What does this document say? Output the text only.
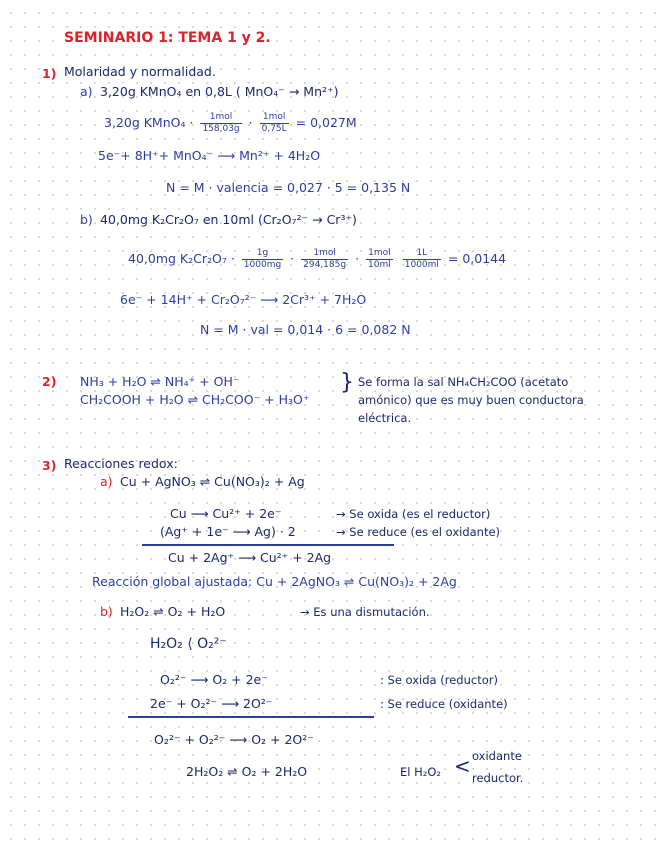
SEMINARIO 1: TEMA 1 y 2.
1) Molaridad y normalidad.
a) 3,20g KMnO₄ en 0,8L ( MnO₄⁻ → Mn²⁺)
3,20g KMnO₄ · $\frac{\text{1mol}}{158,03g} \cdot \frac{\text{1mol}}{0,75L} = 0,027M$
5e⁻+ 8H⁺+ MnO₄⁻ ⟶ Mn²⁺ + 4H₂O
N = M · valencia = 0,027 · 5 = 0,135 N
b) 40,0mg K₂Cr₂O₇ en 10ml (Cr₂O₇²⁻ → Cr³⁺)
40,0mg $K_2Cr_2O_7 \cdot \frac{1g}{1000mg} \cdot \frac{\text{1mol}}{294,185g} \cdot \frac{\text{1mol}}{10ml}$
$\frac{1L}{1000ml} = 0,0144$
6e⁻ + 14H⁺ + Cr₂O₇²⁻ ⟶ 2Cr³⁺ + 7H₂O
N = M · val = 0,014 · 6 = 0,082 N
2) NH₃ + H₂O ⇌ NH₄⁺ + OH⁻
CH₂COOH + H₂O ⇌ CH₂COO⁻ + H₃O⁺
} Se forma la sal NH₄CH₂COO (acetato
amónico) que es muy buen conductora
eléctrica.
3) Reacciones redox:
a) Cu + AgNO₃ ⇌ Cu(NO₃)₂ + Ag
Cu ⟶ Cu²⁺ + 2e⁻	→ Se oxida (es el reductor)
(Ag⁺ + 1e⁻ ⟶ Ag) · 2	→ Se reduce (es el oxidante)
Cu + 2Ag⁺ ⟶ Cu²⁺ + 2Ag
Reacción global ajustada: Cu + 2AgNO₃ ⇌ Cu(NO₃)₂ + 2Ag
b) H₂O₂ ⇌ O₂ + H₂O	→ Es una dismutación.
H₂O₂ ⟨ O₂²⁻
O₂²⁻ ⟶ O₂ + 2e⁻	: Se oxida (reductor)
2e⁻ + O₂²⁻ ⟶ 2O²⁻	: Se reduce (oxidante)
O₂²⁻ + O₂²⁻ ⟶ O₂ + 2O²⁻
2H₂O₂ ⇌ O₂ + 2H₂O	El H₂O₂ < oxidante
reductor.
